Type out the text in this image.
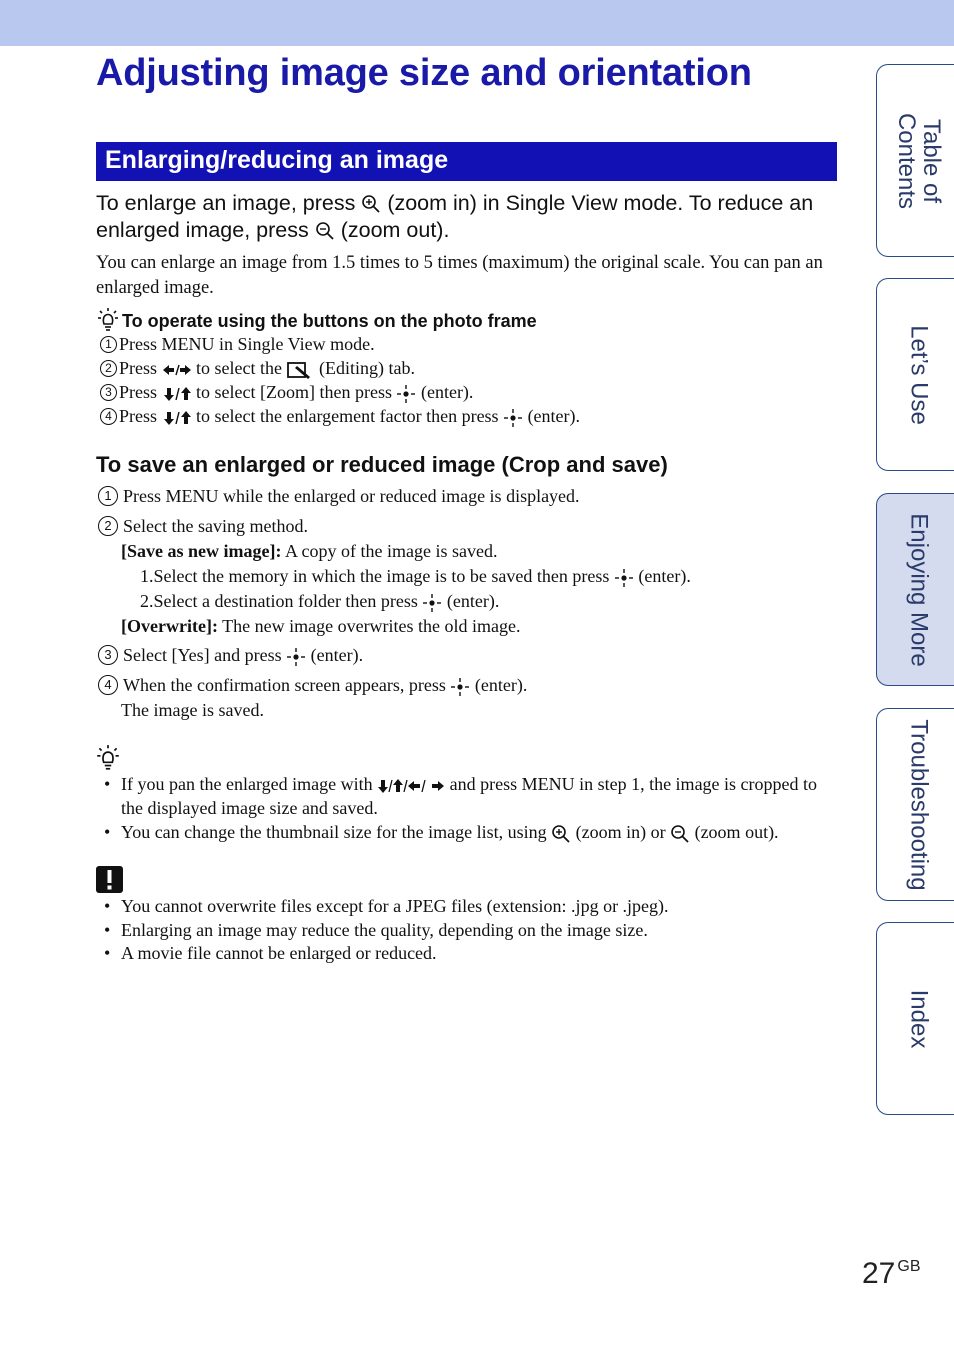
Adjusting image size and orientation
Enlarging/reducing an image
To enlarge an image, press (zoom in) in Single View mode. To reduce an enlarged image, press (zoom out).
You can enlarge an image from 1.5 times to 5 times (maximum) the original scale. You can pan an enlarged image.
To operate using the buttons on the photo frame
1 Press MENU in Single View mode.
2 Press to select the (Editing) tab.
3 Press to select [Zoom] then press (enter).
4 Press to select the enlargement factor then press (enter).
To save an enlarged or reduced image (Crop and save)
1 Press MENU while the enlarged or reduced image is displayed.
2 Select the saving method.
[Save as new image]: A copy of the image is saved.
1.Select the memory in which the image is to be saved then press (enter).
2.Select a destination folder then press (enter).
[Overwrite]: The new image overwrites the old image.
3 Select [Yes] and press (enter).
4 When the confirmation screen appears, press (enter).
The image is saved.
• If you pan the enlarged image with	and press MENU in step 1, the image is cropped to the displayed image size and saved.
• You can change the thumbnail size for the image list, using (zoom in) or (zoom out).
• You cannot overwrite files except for a JPEG files (extension: .jpg or .jpeg).
• Enlarging an image may reduce the quality, depending on the image size.
• A movie file cannot be enlarged or reduced.
Table of
Contents
Let’s Use
Enjoying More
Troubleshooting
Index
27 $^{GB}$
